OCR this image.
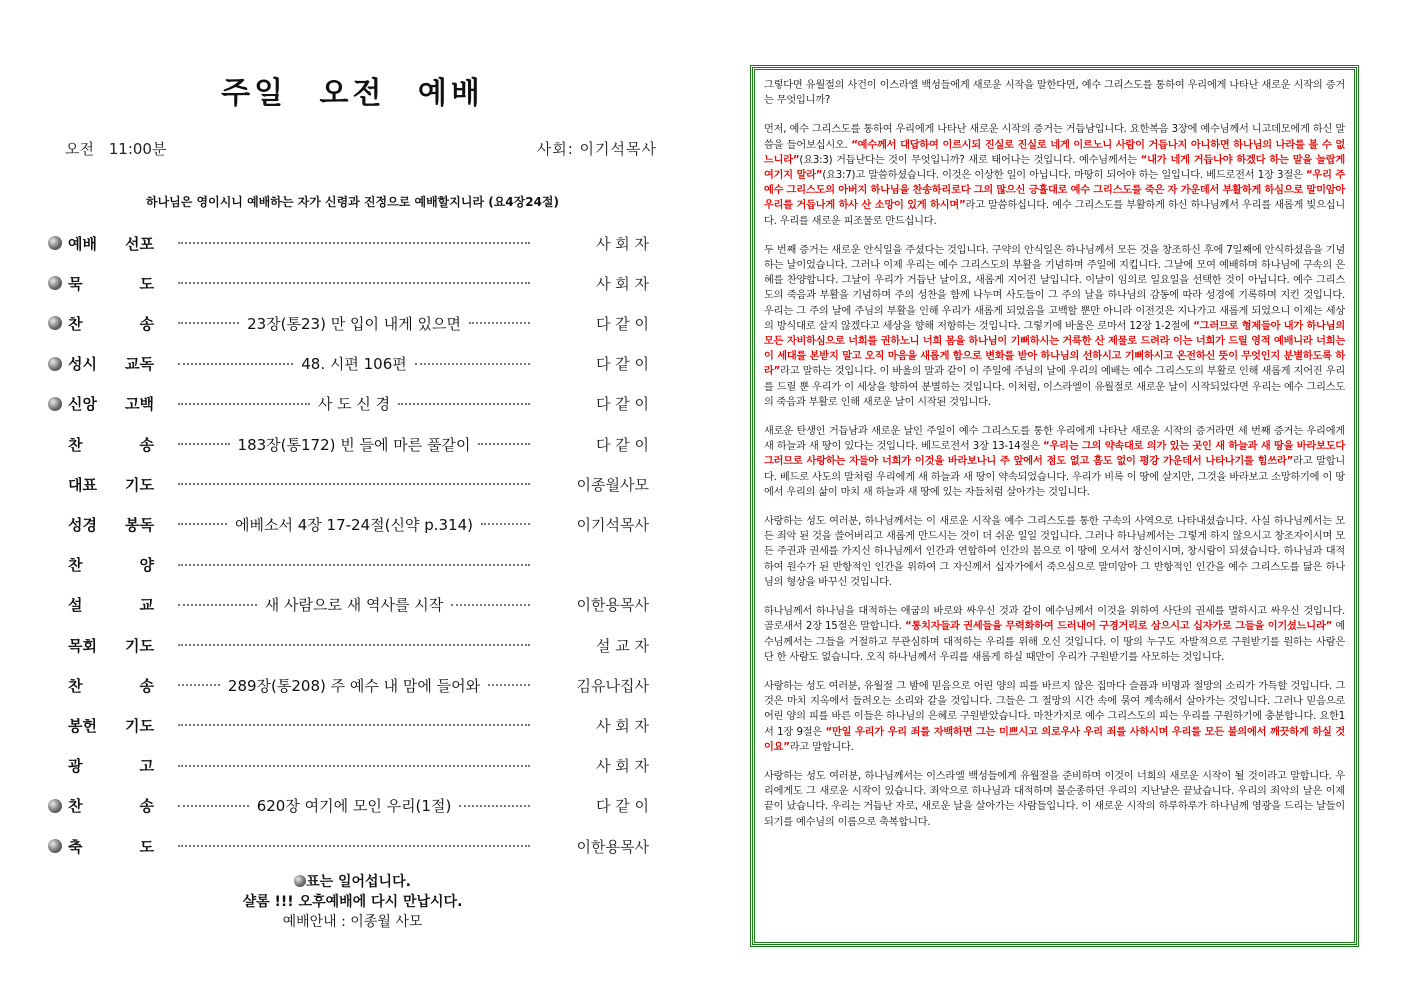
주일 오전 예배
오전 11:00분	사회: 이기석목사
하나님은 영이시니 예배하는 자가 신령과 진정으로 예배할지니라 (요4장24절)
예배 선포	사 회 자
묵	도	사 회 자
찬	송	23장(통23) 만 입이 내게 있으면	다 같 이
성시 교독	48. 시편 106편	다 같 이
신앙 고백	사 도 신 경	다 같 이
찬	송	183장(통172) 빈 들에 마른 풀같이	다 같 이
대표 기도	이종월사모
성경 봉독	에베소서 4장 17-24절(신약 p.314)	이기석목사
찬	양
설	교	새 사람으로 새 역사를 시작	이한용목사
목회 기도	설 교 자
찬	송	289장(통208) 주 예수 내 맘에 들어와	김유나집사
봉헌 기도	사 회 자
광	고	사 회 자
찬	송	620장 여기에 모인 우리(1절)	다 같 이
축	도	이한용목사
표는 일어섭니다.
샬롬 !!! 오후예배에 다시 만납시다.
예배안내 : 이종월 사모

그렇다면 유월절의 사건이 이스라엘 백성들에게 새로운 시작을 말한다면, 예수 그리스도를 통하여 우리에게 나타난 새로운 시작의 증거는 무엇입니까?

먼저, 예수 그리스도를 통하여 우리에게 나타난 새로운 시작의 증거는 거듭남입니다. 요한복음 3장에 예수님께서 니고데모에게 하신 말씀을 들어보십시오. “예수께서 대답하여 이르시되 진실로 진실로 네게 이르노니 사람이 거듭나지 아니하면 하나님의 나라를 볼 수 없느니라”(요3:3) 거듭난다는 것이 무엇입니까? 새로 태어나는 것입니다. 예수님께서는 “내가 네게 거듭나야 하겠다 하는 말을 놀랍게 여기지 말라”(요3:7)고 말씀하셨습니다. 이것은 이상한 일이 아닙니다. 마땅히 되어야 하는 일입니다. 베드로전서 1장 3절은 “우리 주 예수 그리스도의 아버지 하나님을 찬송하리로다 그의 많으신 긍휼대로 예수 그리스도를 죽은 자 가운데서 부활하게 하심으로 말미암아 우리를 거듭나게 하사 산 소망이 있게 하시며”라고 말씀하십니다. 예수 그리스도를 부활하게 하신 하나님께서 우리를 새롭게 빚으십니다. 우리를 새로운 피조물로 만드십니다.

두 번째 증거는 새로운 안식일을 주셨다는 것입니다. 구약의 안식일은 하나님께서 모든 것을 창조하신 후에 7일째에 안식하셨음을 기념하는 날이었습니다. 그러나 이제 우리는 예수 그리스도의 부활을 기념하며 주일에 지킵니다. 그날에 모여 예배하며 하나님에 구속의 은혜를 찬양합니다. 그날이 우리가 거듭난 날이요, 새롭게 지어진 날입니다. 이날이 임의로 일요일을 선택한 것이 아닙니다. 예수 그리스도의 죽음과 부활을 기념하며 주의 성찬을 함께 나누며 사도들이 그 주의 날을 하나님의 감동에 따라 성경에 기록하며 지킨 것입니다. 우리는 그 주의 날에 주님의 부활을 인해 우리가 새롭게 되었음을 고백할 뿐만 아니라 이전것은 지나가고 새롭게 되었으니 이제는 세상의 방식대로 살지 않겠다고 세상을 향해 저항하는 것입니다. 그렇기에 바울은 로마서 12장 1-2절에 “그러므로 형제들아 내가 하나님의 모든 자비하심으로 너희를 권하노니 너희 몸을 하나님이 기뻐하시는 거룩한 산 제물로 드려라 이는 너희가 드릴 영적 예배니라 너희는 이 세대를 본받지 말고 오직 마음을 새롭게 함으로 변화를 받아 하나님의 선하시고 기뻐하시고 온전하신 뜻이 무엇인지 분별하도록 하라”라고 말하는 것입니다. 이 바울의 말과 같이 이 주일에 주님의 날에 우리의 예배는 예수 그리스도의 부활로 인해 새롭게 지어진 우리를 드릴 뿐 우리가 이 세상을 향하여 분별하는 것입니다. 이처럼, 이스라엘이 유월절로 새로운 날이 시작되었다면 우리는 예수 그리스도의 죽음과 부활로 인해 새로운 날이 시작된 것입니다.

새로운 탄생인 거듭남과 새로운 날인 주일이 예수 그리스도를 통한 우리에게 나타난 새로운 시작의 증거라면 세 번째 증거는 우리에게 새 하늘과 새 땅이 있다는 것입니다. 베드로전서 3장 13-14절은 “우리는 그의 약속대로 의가 있는 곳인 새 하늘과 새 땅을 바라보도다 그러므로 사랑하는 자들아 너희가 이것을 바라보나니 주 앞에서 점도 없고 흠도 없이 평강 가운데서 나타나기를 힘쓰라”라고 말합니다. 베드로 사도의 말처럼 우리에게 새 하늘과 새 땅이 약속되었습니다. 우리가 비록 이 땅에 살지만, 그것을 바라보고 소망하기에 이 땅에서 우리의 삶이 마치 새 하늘과 새 땅에 있는 자들처럼 살아가는 것입니다.

사랑하는 성도 여러분, 하나님께서는 이 새로운 시작을 예수 그리스도를 통한 구속의 사역으로 나타내셨습니다. 사실 하나님께서는 모든 죄악 된 것을 쓸어버리고 새롭게 만드시는 것이 더 쉬운 일일 것입니다. 그러나 하나님께서는 그렇게 하지 않으시고 창조자이시며 모든 주권과 권세를 가지신 하나님께서 인간과 연합하여 인간의 몸으로 이 땅에 오셔서 창신이시며, 창시람이 되셨습니다. 하나님과 대적하여 원수가 된 반항적인 인간을 위하여 그 자신께서 십자가에서 죽으심으로 말미암아 그 반항적인 인간을 예수 그리스도를 닮은 하나님의 형상을 바꾸신 것입니다.

하나님께서 하나님을 대적하는 애굽의 바로와 싸우신 것과 같이 예수님께서 이것을 위하여 사단의 권세를 멸하시고 싸우신 것입니다. 골로새서 2장 15절은 말합니다. “통치자들과 권세들을 무력화하여 드러내어 구경거리로 삼으시고 십자가로 그들을 이기셨느니라” 예수님께서는 그들을 거절하고 무관심하며 대적하는 우리를 위해 오신 것입니다. 이 땅의 누구도 자발적으로 구원받기를 원하는 사람은 단 한 사람도 없습니다. 오직 하나님께서 우리를 새롭게 하실 때만이 우리가 구원받기를 사모하는 것입니다.

사랑하는 성도 여러분, 유월절 그 밤에 믿음으로 어린 양의 피를 바르지 않은 집마다 슬픔과 비명과 절망의 소리가 가득할 것입니다. 그것은 마치 지옥에서 들려오는 소리와 같을 것입니다. 그들은 그 절망의 시간 속에 묶여 계속해서 살아가는 것입니다. 그러나 믿음으로 어린 양의 피를 바른 이들은 하나님의 은혜로 구원받았습니다. 마찬가지로 예수 그리스도의 피는 우리를 구원하기에 충분합니다. 요한1서 1장 9절은 “만일 우리가 우리 죄를 자백하면 그는 미쁘시고 의로우사 우리 죄를 사하시며 우리를 모든 불의에서 깨끗하게 하실 것이요”라고 말합니다.

사랑하는 성도 여러분, 하나님께서는 이스라엘 백성들에게 유월절을 준비하며 이것이 너희의 새로운 시작이 될 것이라고 말합니다. 우리에게도 그 새로운 시작이 있습니다. 죄악으로 하나님과 대적하며 불순종하던 우리의 지난날은 끝났습니다. 우리의 죄악의 날은 이제 끝이 났습니다. 우리는 거듭난 자로, 새로운 날을 살아가는 사람들입니다. 이 새로운 시작의 하루하루가 하나님께 영광을 드리는 날들이 되기를 예수님의 이름으로 축복합니다.
